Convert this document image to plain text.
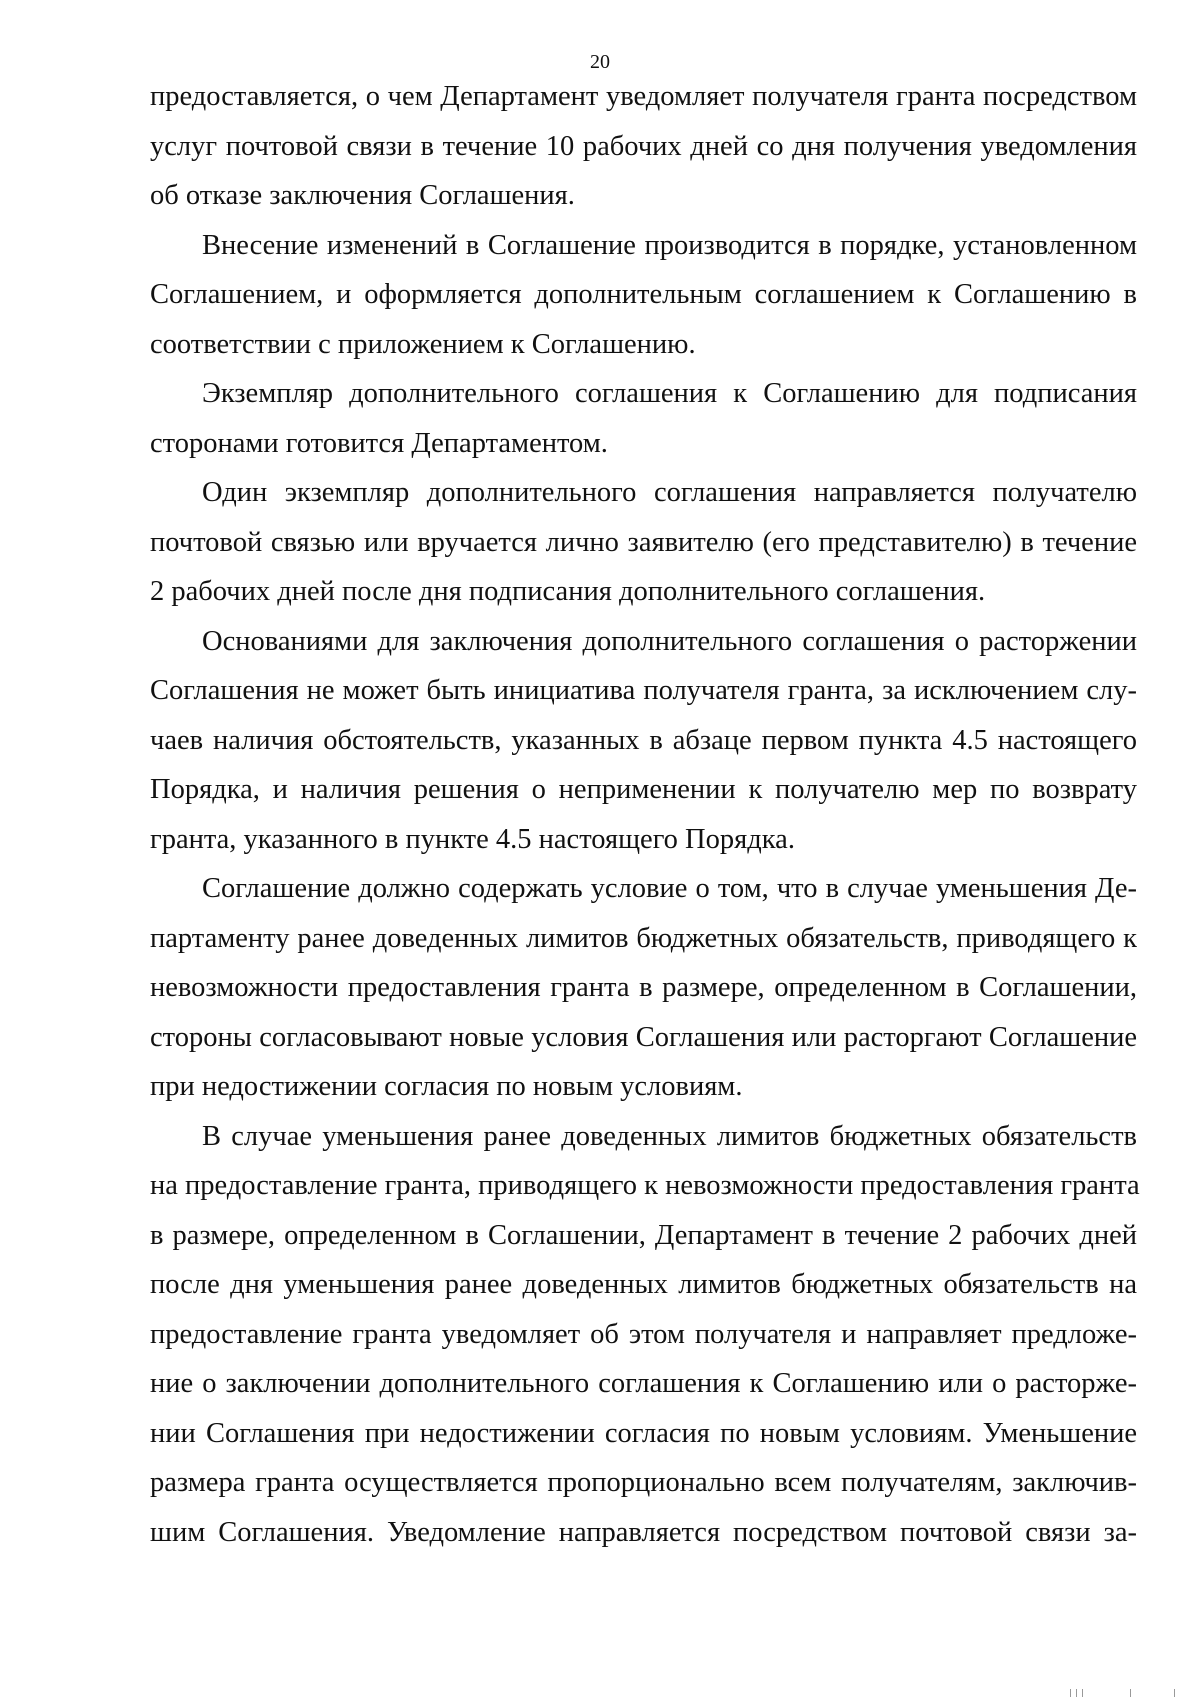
20
предоставляется, о чем Департамент уведомляет получателя гранта посредством
услуг почтовой связи в течение 10 рабочих дней со дня получения уведомления
об отказе заключения Соглашения.
Внесение изменений в Соглашение производится в порядке, установленном
Соглашением, и оформляется дополнительным соглашением к Соглашению в
соответствии с приложением к Соглашению.
Экземпляр дополнительного соглашения к Соглашению для подписания
сторонами готовится Департаментом.
Один экземпляр дополнительного соглашения направляется получателю
почтовой связью или вручается лично заявителю (его представителю) в течение
2 рабочих дней после дня подписания дополнительного соглашения.
Основаниями для заключения дополнительного соглашения о расторжении
Соглашения не может быть инициатива получателя гранта, за исключением слу-
чаев наличия обстоятельств, указанных в абзаце первом пункта 4.5 настоящего
Порядка, и наличия решения о неприменении к получателю мер по возврату
гранта, указанного в пункте 4.5 настоящего Порядка.
Соглашение должно содержать условие о том, что в случае уменьшения Де-
партаменту ранее доведенных лимитов бюджетных обязательств, приводящего к
невозможности предоставления гранта в размере, определенном в Соглашении,
стороны согласовывают новые условия Соглашения или расторгают Соглашение
при недостижении согласия по новым условиям.
В случае уменьшения ранее доведенных лимитов бюджетных обязательств
на предоставление гранта, приводящего к невозможности предоставления гранта
в размере, определенном в Соглашении, Департамент в течение 2 рабочих дней
после дня уменьшения ранее доведенных лимитов бюджетных обязательств на
предоставление гранта уведомляет об этом получателя и направляет предложе-
ние о заключении дополнительного соглашения к Соглашению или о расторже-
нии Соглашения при недостижении согласия по новым условиям. Уменьшение
размера гранта осуществляется пропорционально всем получателям, заключив-
шим Соглашения. Уведомление направляется посредством почтовой связи за-
